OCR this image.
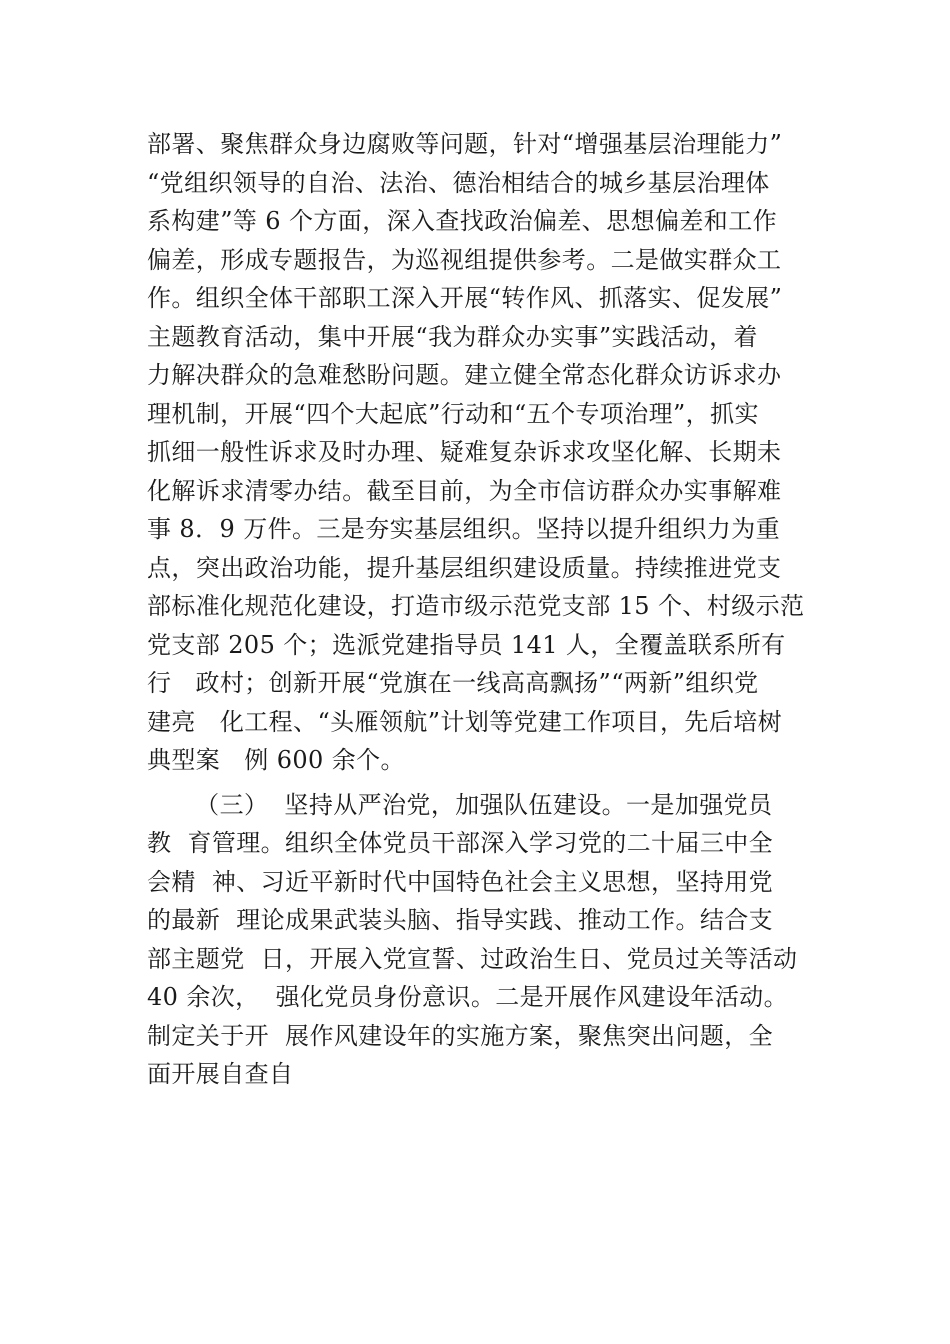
部署、聚焦群众身边腐败等问题，针对“增强基层治理能力”
“党组织领导的自治、法治、德治相结合的城乡基层治理体
系构建”等 6 个方面，深入查找政治偏差、思想偏差和工作
偏差，形成专题报告，为巡视组提供参考。二是做实群众工
作。组织全体干部职工深入开展“转作风、抓落实、促发展”
主题教育活动，集中开展“我为群众办实事”实践活动，着
力解决群众的急难愁盼问题。建立健全常态化群众访诉求办
理机制，开展“四个大起底”行动和“五个专项治理”，抓实
抓细一般性诉求及时办理、疑难复杂诉求攻坚化解、长期未
化解诉求清零办结。截至目前，为全市信访群众办实事解难
事 8．9 万件。三是夯实基层组织。坚持以提升组织力为重
点，突出政治功能，提升基层组织建设质量。持续推进党支
部标准化规范化建设，打造市级示范党支部 15 个、村级示范
党支部 205 个；选派党建指导员 141 人，全覆盖联系所有
行   政村；创新开展“党旗在一线高高飘扬”“两新”组织党
建亮   化工程、“头雁领航”计划等党建工作项目，先后培树
典型案   例 600 余个。
（三）  坚持从严治党，加强队伍建设。一是加强党员
教  育管理。组织全体党员干部深入学习党的二十届三中全
会精  神、习近平新时代中国特色社会主义思想，坚持用党
的最新  理论成果武装头脑、指导实践、推动工作。结合支
部主题党  日，开展入党宣誓、过政治生日、党员过关等活动
40 余次，  强化党员身份意识。二是开展作风建设年活动。
制定关于开  展作风建设年的实施方案，聚焦突出问题，全
面开展自查自
